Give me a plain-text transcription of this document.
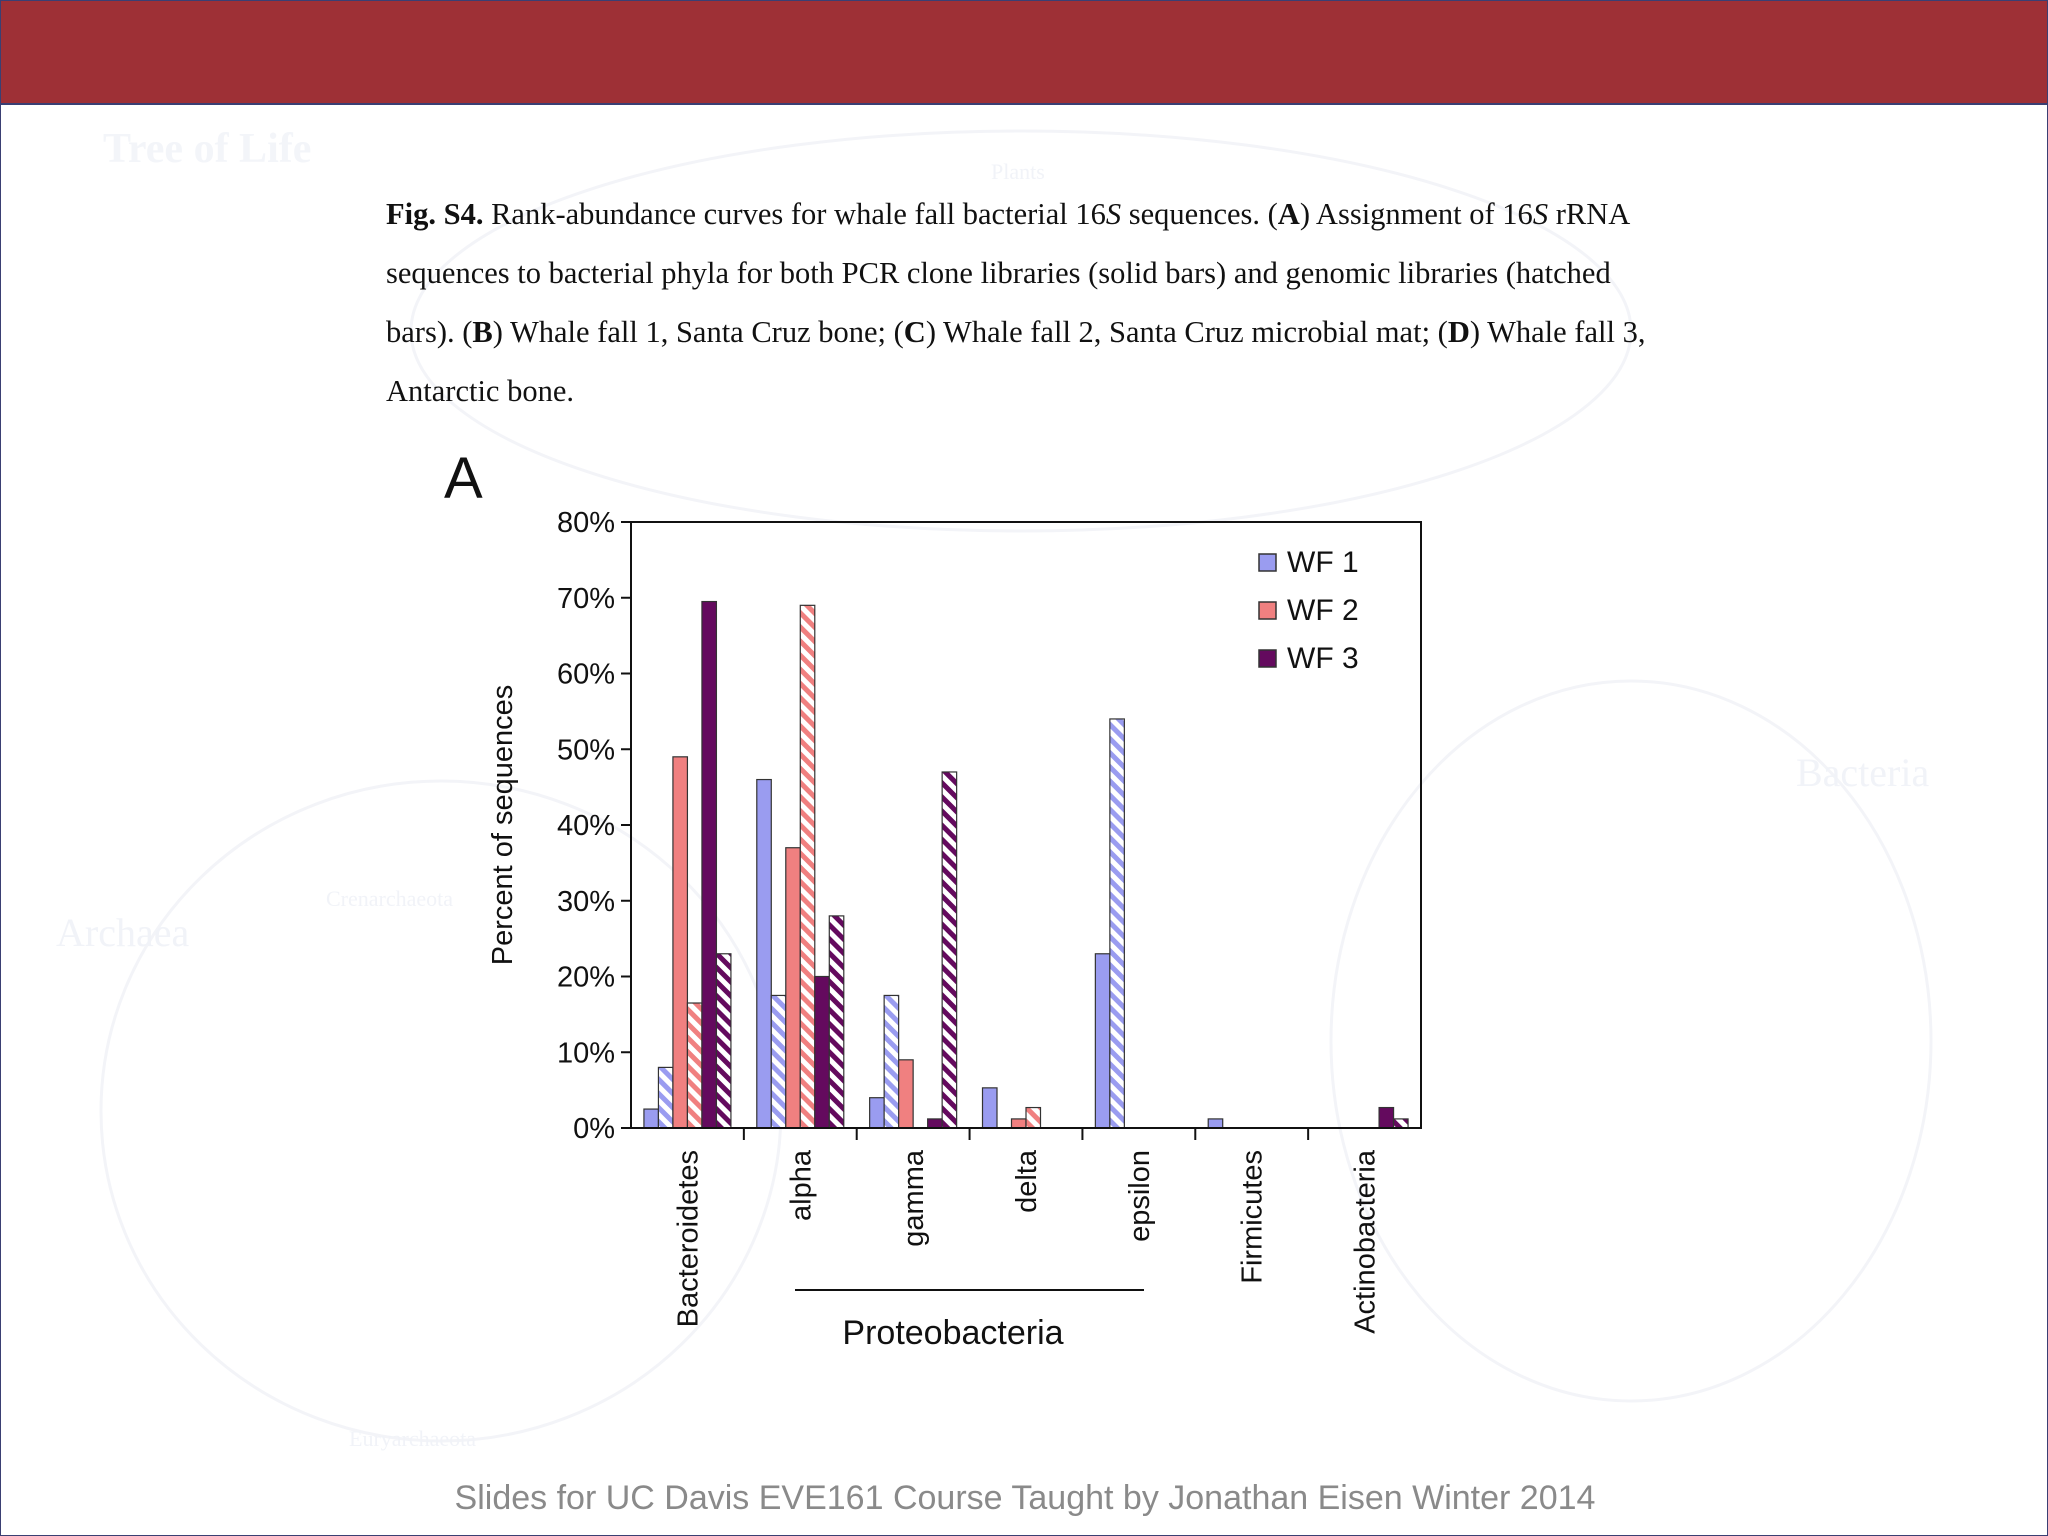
Plants
Bacteria
Archaea
Crenarchaeota
Euryarchaeota
Tree of Life
Fig. S4. Rank-abundance curves for whale fall bacterial 16S sequences. (A) Assignment of 16S rRNA sequences to bacterial phyla for both PCR clone libraries (solid bars) and genomic libraries (hatched bars). (B) Whale fall 1, Santa Cruz bone; (C) Whale fall 2, Santa Cruz microbial mat; (D) Whale fall 3, Antarctic bone.
A
Percent of sequences
0%
10%
20%
30%
40%
50%
60%
70%
80%
Bacteroidetes	alpha	gamma	delta	epsilon	Firmicutes	Actinobacteria
Proteobacteria
WF 1
WF 2
WF 3
Slides for UC Davis EVE161 Course Taught by Jonathan Eisen Winter 2014
